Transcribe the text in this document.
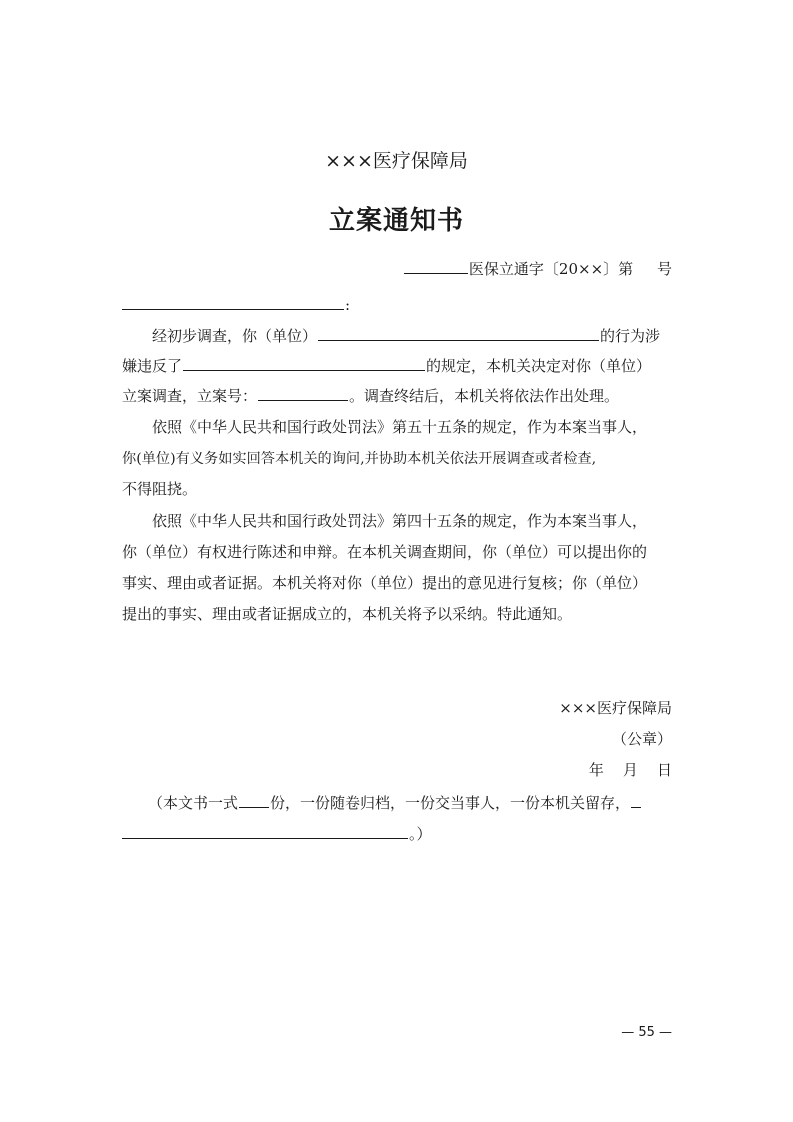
×××医疗保障局
立案通知书
医保立通字〔20××〕第     号
:
经初步调查，你（单位）	的行为涉
嫌违反了	的规定，本机关决定对你（单位）
立案调查，立案号：	。调查终结后，本机关将依法作出处理。
依照《中华人民共和国行政处罚法》第五十五条的规定，作为本案当事人，
你(单位)有义务如实回答本机关的询问,并协助本机关依法开展调查或者检查,
不得阻挠。
依照《中华人民共和国行政处罚法》第四十五条的规定，作为本案当事人，
你（单位）有权进行陈述和申辩。在本机关调查期间，你（单位）可以提出你的
事实、理由或者证据。本机关将对你（单位）提出的意见进行复核；你（单位）
提出的事实、理由或者证据成立的，本机关将予以采纳。特此通知。
×××医疗保障局
（公章）
年    月    日
（本文书一式 份，一份随卷归档，一份交当事人，一份本机关留存，
。）
— 55 —
